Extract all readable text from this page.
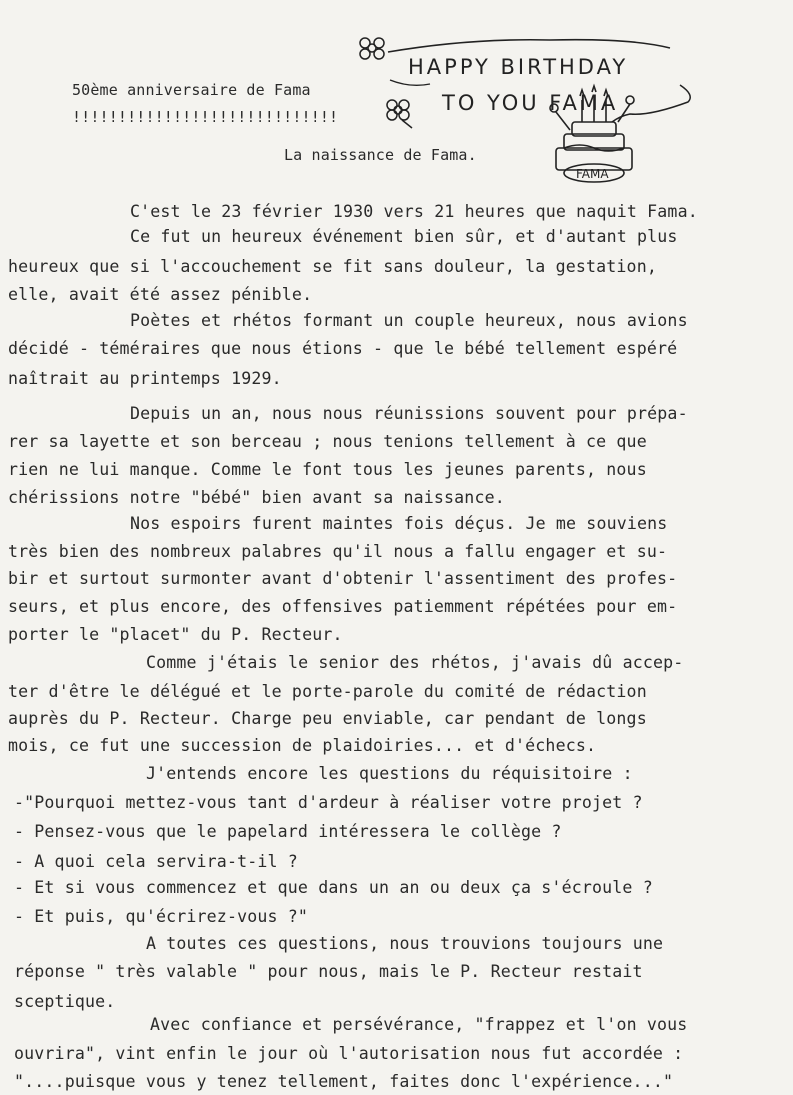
50ème anniversaire de Fama
!!!!!!!!!!!!!!!!!!!!!!!!!!!!!
La naissance de Fama.
HAPPY BIRTHDAY
TO YOU FAMA
FAMA
C'est le 23 février 1930 vers 21 heures que naquit Fama.
Ce fut un heureux événement bien sûr, et d'autant plus
heureux que si l'accouchement se fit sans douleur, la gestation,
elle, avait été assez pénible.
Poètes et rhétos formant un couple heureux, nous avions
décidé - téméraires que nous étions - que le bébé tellement espéré
naîtrait au printemps 1929.
Depuis un an, nous nous réunissions souvent pour prépa-
rer sa layette et son berceau ; nous tenions tellement à ce que
rien ne lui manque. Comme le font tous les jeunes parents, nous
chérissions notre "bébé" bien avant sa naissance.
Nos espoirs furent maintes fois déçus. Je me souviens
très bien des nombreux palabres qu'il nous a fallu engager et su-
bir et surtout surmonter avant d'obtenir l'assentiment des profes-
seurs, et plus encore, des offensives patiemment répétées pour em-
porter le "placet" du P. Recteur.
Comme j'étais le senior des rhétos, j'avais dû accep-
ter d'être le délégué et le porte-parole du comité de rédaction
auprès du P. Recteur. Charge peu enviable, car pendant de longs
mois, ce fut une succession de plaidoiries... et d'échecs.
J'entends encore les questions du réquisitoire :
-"Pourquoi mettez-vous tant d'ardeur à réaliser votre projet ?
- Pensez-vous que le papelard intéressera le collège ?
- A quoi cela servira-t-il ?
- Et si vous commencez et que dans un an ou deux ça s'écroule ?
- Et puis, qu'écrirez-vous ?"
A toutes ces questions, nous trouvions toujours une
réponse " très valable " pour nous, mais le P. Recteur restait
sceptique.
Avec confiance et persévérance, "frappez et l'on vous
ouvrira", vint enfin le jour où l'autorisation nous fut accordée :
"....puisque vous y tenez tellement, faites donc l'expérience..."
